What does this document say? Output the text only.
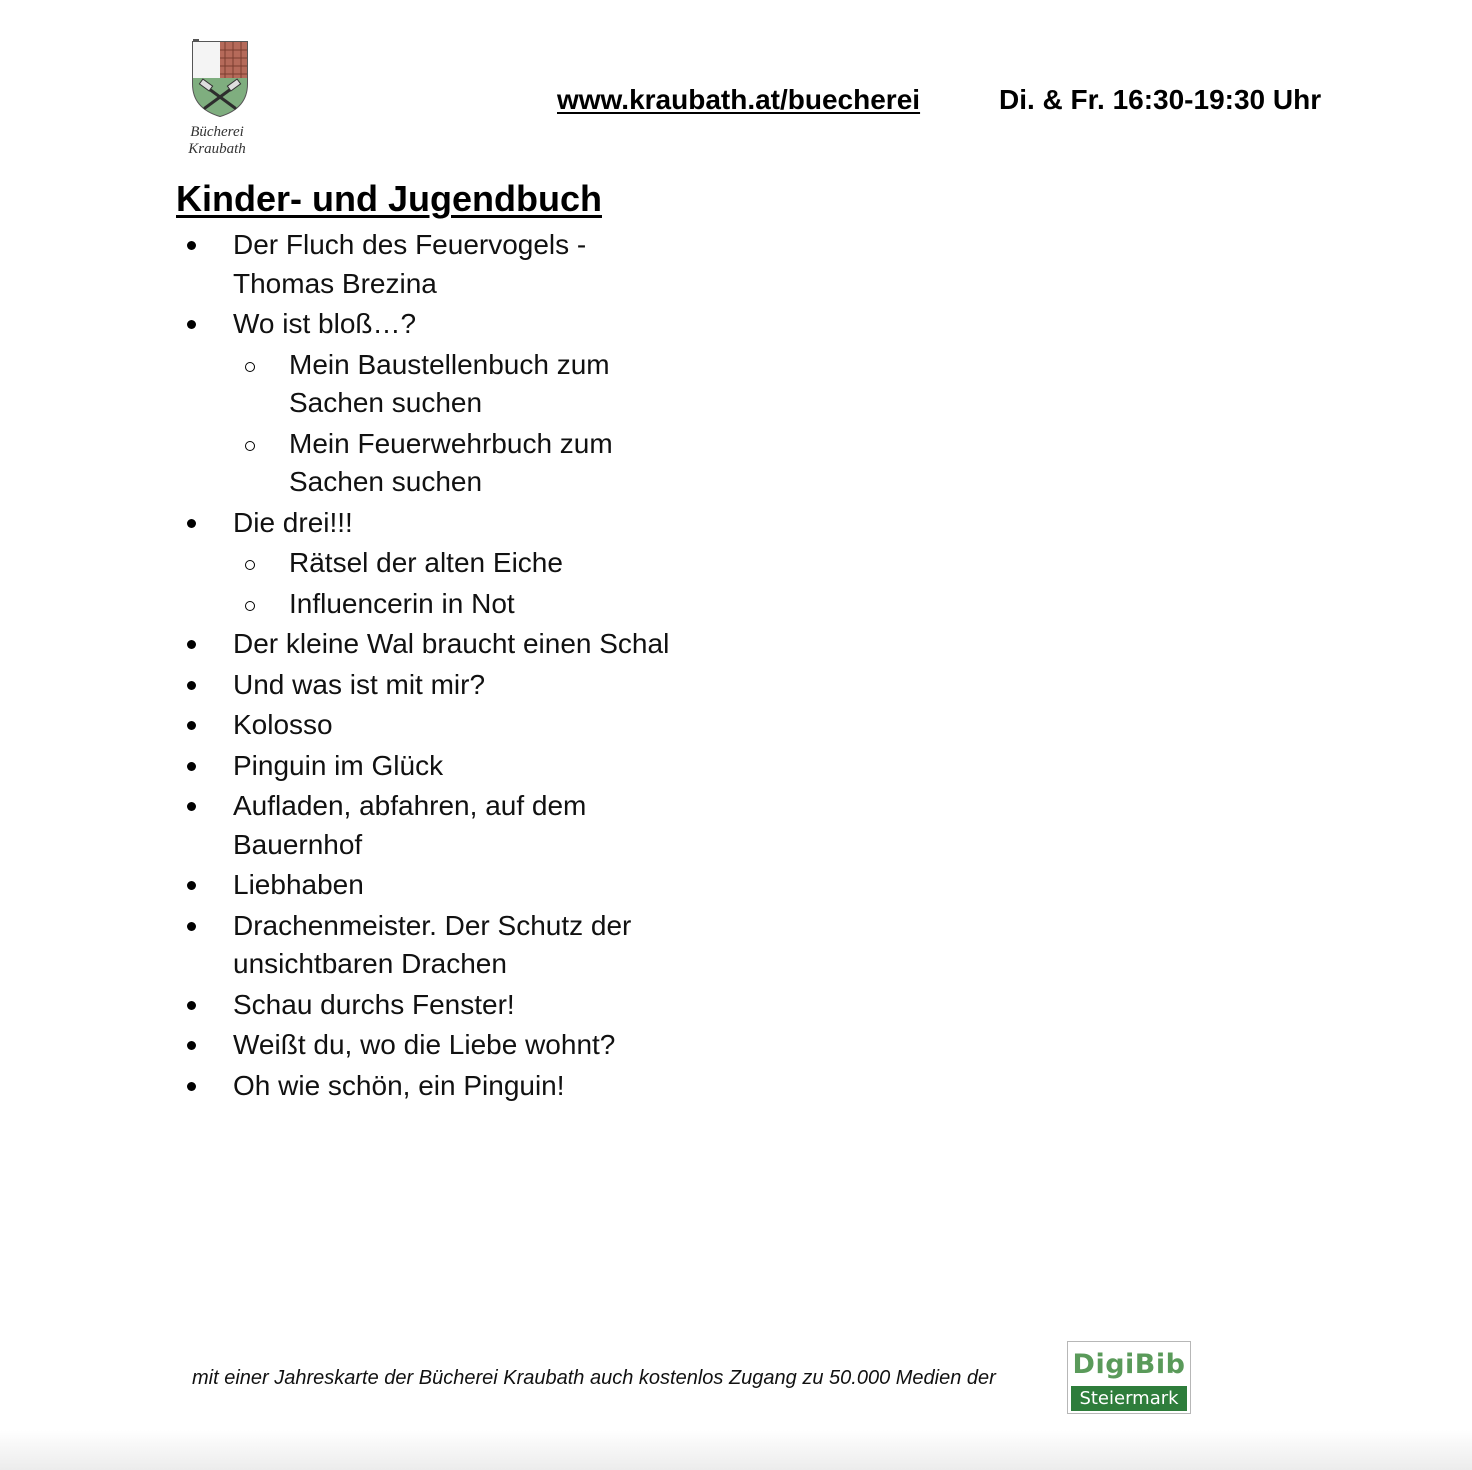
Bücherei
Kraubath
www.kraubath.at/buecherei	Di. & Fr. 16:30-19:30 Uhr
Kinder- und Jugendbuch
Der Fluch des Feuervogels -
Thomas Brezina
Wo ist bloß…?
Mein Baustellenbuch zum
Sachen suchen
Mein Feuerwehrbuch zum
Sachen suchen
Die drei!!!
Rätsel der alten Eiche
Influencerin in Not
Der kleine Wal braucht einen Schal
Und was ist mit mir?
Kolosso
Pinguin im Glück
Aufladen, abfahren, auf dem
Bauernhof
Liebhaben
Drachenmeister. Der Schutz der
unsichtbaren Drachen
Schau durchs Fenster!
Weißt du, wo die Liebe wohnt?
Oh wie schön, ein Pinguin!
mit einer Jahreskarte der Bücherei Kraubath auch kostenlos Zugang zu 50.000 Medien der	DigiBib
Steiermark
